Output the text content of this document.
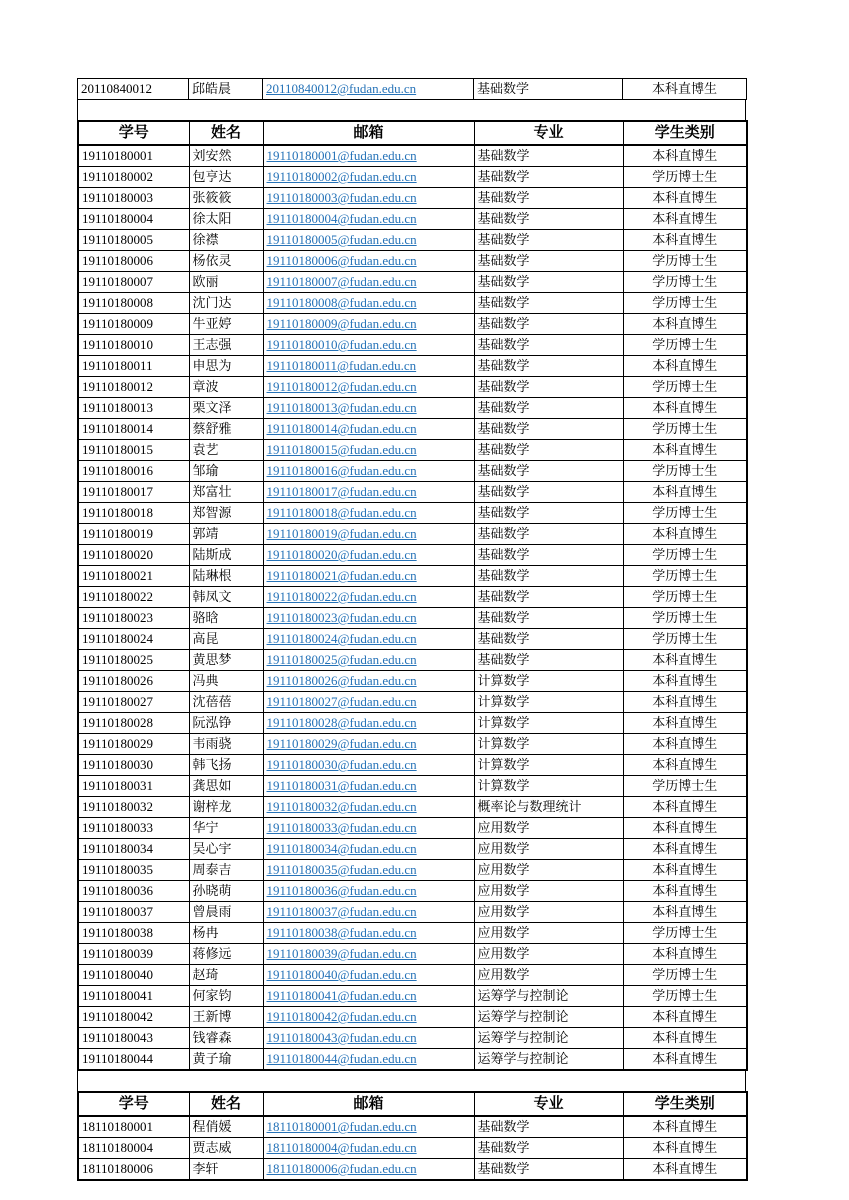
20110840012	邱皓晨	20110840012@fudan.edu.cn	基础数学	本科直博生
学号	姓名	邮箱	专业	学生类别
19110180001	刘安然	19110180001@fudan.edu.cn	基础数学	本科直博生
19110180002	包亨达	19110180002@fudan.edu.cn	基础数学	学历博士生
19110180003	张筱筱	19110180003@fudan.edu.cn	基础数学	本科直博生
19110180004	徐太阳	19110180004@fudan.edu.cn	基础数学	本科直博生
19110180005	徐襟	19110180005@fudan.edu.cn	基础数学	本科直博生
19110180006	杨依灵	19110180006@fudan.edu.cn	基础数学	学历博士生
19110180007	欧丽	19110180007@fudan.edu.cn	基础数学	学历博士生
19110180008	沈门达	19110180008@fudan.edu.cn	基础数学	学历博士生
19110180009	牛亚婷	19110180009@fudan.edu.cn	基础数学	本科直博生
19110180010	王志强	19110180010@fudan.edu.cn	基础数学	学历博士生
19110180011	申思为	19110180011@fudan.edu.cn	基础数学	本科直博生
19110180012	章波	19110180012@fudan.edu.cn	基础数学	学历博士生
19110180013	栗文泽	19110180013@fudan.edu.cn	基础数学	本科直博生
19110180014	蔡舒雅	19110180014@fudan.edu.cn	基础数学	学历博士生
19110180015	袁艺	19110180015@fudan.edu.cn	基础数学	本科直博生
19110180016	邹瑜	19110180016@fudan.edu.cn	基础数学	学历博士生
19110180017	郑富壮	19110180017@fudan.edu.cn	基础数学	本科直博生
19110180018	郑智源	19110180018@fudan.edu.cn	基础数学	学历博士生
19110180019	郭靖	19110180019@fudan.edu.cn	基础数学	本科直博生
19110180020	陆斯成	19110180020@fudan.edu.cn	基础数学	学历博士生
19110180021	陆琳根	19110180021@fudan.edu.cn	基础数学	学历博士生
19110180022	韩凤文	19110180022@fudan.edu.cn	基础数学	学历博士生
19110180023	骆晗	19110180023@fudan.edu.cn	基础数学	学历博士生
19110180024	高昆	19110180024@fudan.edu.cn	基础数学	学历博士生
19110180025	黄思梦	19110180025@fudan.edu.cn	基础数学	本科直博生
19110180026	冯典	19110180026@fudan.edu.cn	计算数学	本科直博生
19110180027	沈蓓蓓	19110180027@fudan.edu.cn	计算数学	本科直博生
19110180028	阮泓铮	19110180028@fudan.edu.cn	计算数学	本科直博生
19110180029	韦雨骁	19110180029@fudan.edu.cn	计算数学	本科直博生
19110180030	韩飞扬	19110180030@fudan.edu.cn	计算数学	本科直博生
19110180031	龚思如	19110180031@fudan.edu.cn	计算数学	学历博士生
19110180032	谢梓龙	19110180032@fudan.edu.cn	概率论与数理统计	本科直博生
19110180033	华宁	19110180033@fudan.edu.cn	应用数学	本科直博生
19110180034	吴心宇	19110180034@fudan.edu.cn	应用数学	本科直博生
19110180035	周泰吉	19110180035@fudan.edu.cn	应用数学	本科直博生
19110180036	孙晓萌	19110180036@fudan.edu.cn	应用数学	本科直博生
19110180037	曾晨雨	19110180037@fudan.edu.cn	应用数学	本科直博生
19110180038	杨冉	19110180038@fudan.edu.cn	应用数学	学历博士生
19110180039	蒋修远	19110180039@fudan.edu.cn	应用数学	本科直博生
19110180040	赵琦	19110180040@fudan.edu.cn	应用数学	学历博士生
19110180041	何家钧	19110180041@fudan.edu.cn	运筹学与控制论	学历博士生
19110180042	王新博	19110180042@fudan.edu.cn	运筹学与控制论	本科直博生
19110180043	钱睿森	19110180043@fudan.edu.cn	运筹学与控制论	本科直博生
19110180044	黄子瑜	19110180044@fudan.edu.cn	运筹学与控制论	本科直博生
学号	姓名	邮箱	专业	学生类别
18110180001	程俏媛	18110180001@fudan.edu.cn	基础数学	本科直博生
18110180004	贾志威	18110180004@fudan.edu.cn	基础数学	本科直博生
18110180006	李轩	18110180006@fudan.edu.cn	基础数学	本科直博生
